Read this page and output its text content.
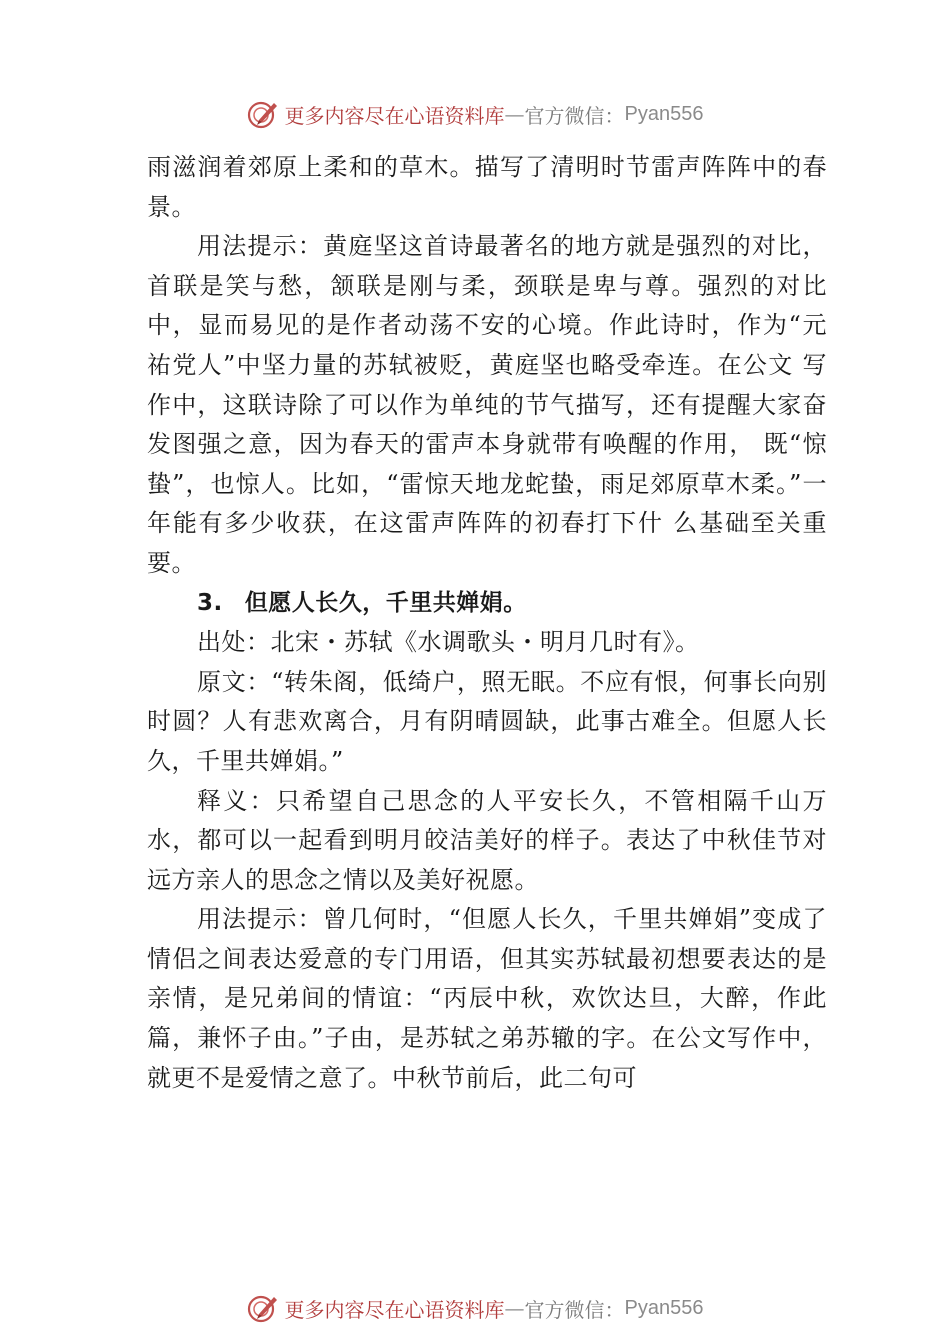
更多内容尽在心语资料库 — 官方微信： Pyan556

雨滋润着郊原上柔和的草木。描写了清明时节雷声阵阵中的春景。

用法提示：黄庭坚这首诗最著名的地方就是强烈的对比，首联是笑与愁，颔联是刚与柔，颈联是卑与尊。强烈的对比中，显而易见的是作者动荡不安的心境。作此诗时，作为“元 祐党人”中坚力量的苏轼被贬，黄庭坚也略受牵连。在公文 写作中，这联诗除了可以作为单纯的节气描写，还有提醒大家奋发图强之意，因为春天的雷声本身就带有唤醒的作用， 既“惊蛰”，也惊人。比如，“雷惊天地龙蛇蛰，雨足郊原草木柔。”一年能有多少收获，在这雷声阵阵的初春打下什 么基础至关重要。

3. 但愿人长久，千里共婵娟。

出处：北宋・苏轼《水调歌头・明月几时有》。

原文：“转朱阁，低绮户，照无眠。不应有恨，何事长向别时圆？人有悲欢离合，月有阴晴圆缺，此事古难全。但愿人长久，千里共婵娟。”

释义：只希望自己思念的人平安长久，不管相隔千山万水，都可以一起看到明月皎洁美好的样子。表达了中秋佳节对远方亲人的思念之情以及美好祝愿。

用法提示：曾几何时，“但愿人长久，千里共婵娟”变成了情侣之间表达爱意的专门用语，但其实苏轼最初想要表达的是亲情，是兄弟间的情谊：“丙辰中秋，欢饮达旦，大醉，作此篇，兼怀子由。”子由，是苏轼之弟苏辙的字。在公文写作中，就更不是爱情之意了。中秋节前后，此二句可

更多内容尽在心语资料库 — 官方微信： Pyan556
